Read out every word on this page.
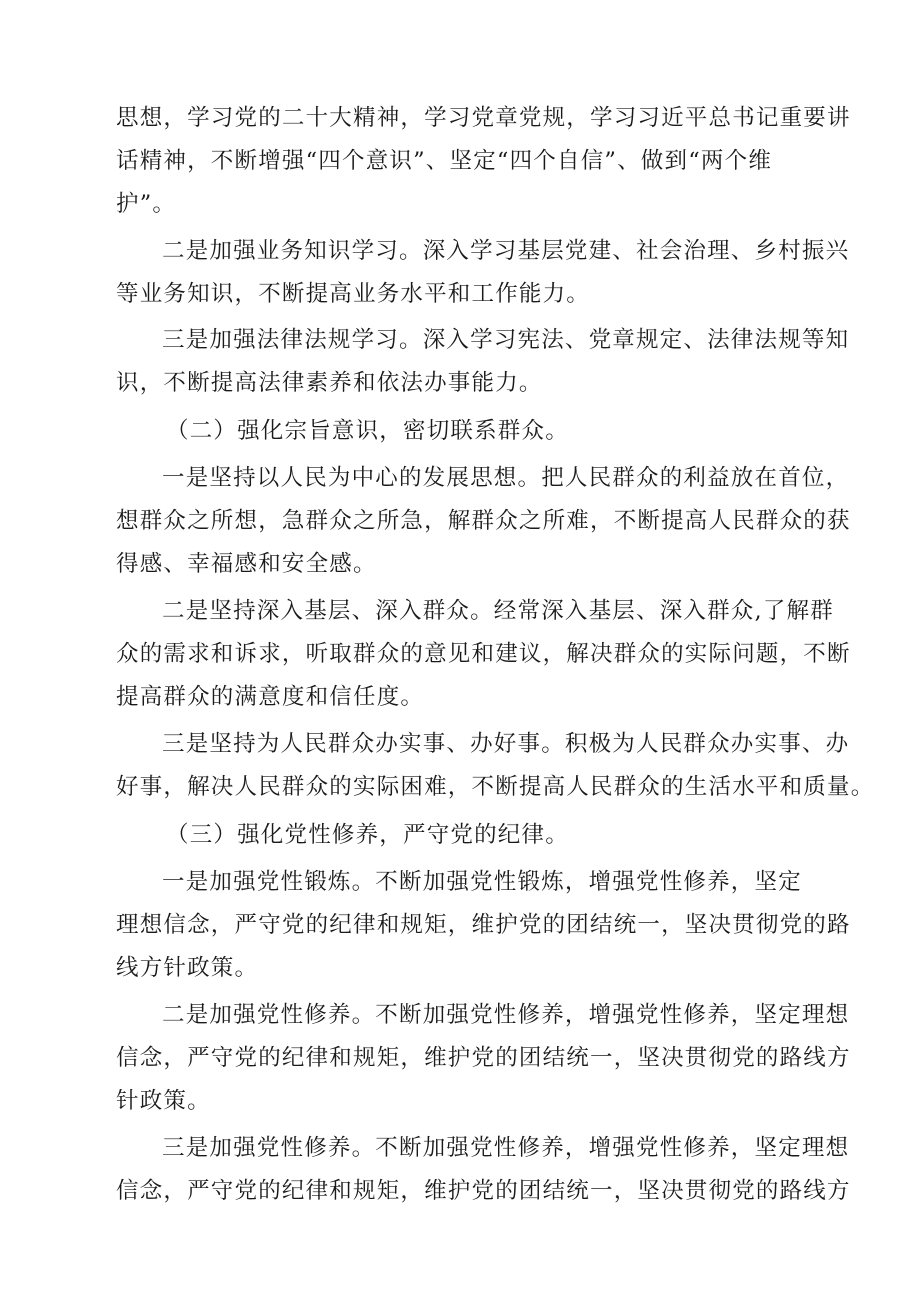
思想，学习党的二十大精神，学习党章党规，学习习近平总书记重要讲
话精神，不断增强“四个意识”、坚定“四个自信”、做到“两个维
护”。
二是加强业务知识学习。深入学习基层党建、社会治理、乡村振兴
等业务知识，不断提高业务水平和工作能力。
三是加强法律法规学习。深入学习宪法、党章规定、法律法规等知
识，不断提高法律素养和依法办事能力。
（二）强化宗旨意识，密切联系群众。
一是坚持以人民为中心的发展思想。把人民群众的利益放在首位，
想群众之所想，急群众之所急，解群众之所难，不断提高人民群众的获
得感、幸福感和安全感。
二是坚持深入基层、深入群众。经常深入基层、深入群众,了解群
众的需求和诉求，听取群众的意见和建议，解决群众的实际问题，不断
提高群众的满意度和信任度。
三是坚持为人民群众办实事、办好事。积极为人民群众办实事、办
好事，解决人民群众的实际困难，不断提高人民群众的生活水平和质量。
（三）强化党性修养，严守党的纪律。
一是加强党性锻炼。不断加强党性锻炼，增强党性修养，坚定
理想信念，严守党的纪律和规矩，维护党的团结统一，坚决贯彻党的路
线方针政策。
二是加强党性修养。不断加强党性修养，增强党性修养，坚定理想
信念，严守党的纪律和规矩，维护党的团结统一，坚决贯彻党的路线方
针政策。
三是加强党性修养。不断加强党性修养，增强党性修养，坚定理想
信念，严守党的纪律和规矩，维护党的团结统一，坚决贯彻党的路线方
